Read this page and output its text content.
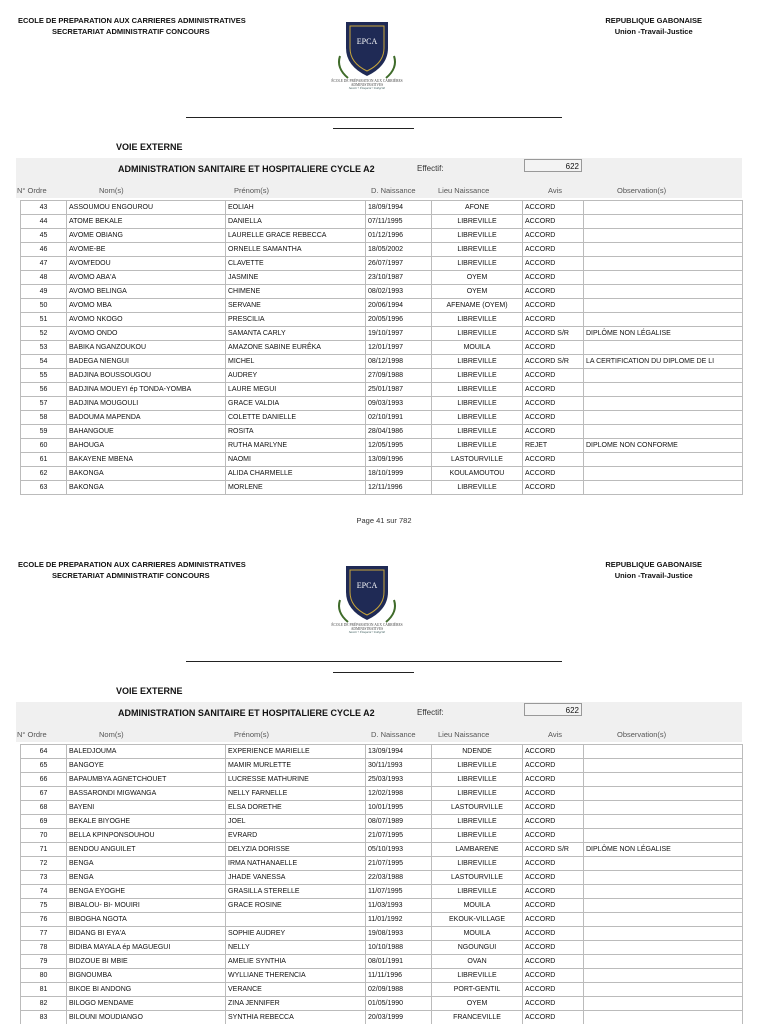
ECOLE DE PREPARATION AUX CARRIERES ADMINISTRATIVES
SECRETARIAT ADMINISTRATIF CONCOURS
EPCA
ÉCOLE DE PRÉPARATION AUX CARRIÈRES ADMINISTRATIVES
Savoir • Éloquent • Intégrité
REPUBLIQUE GABONAISE
Union -Travail-Justice
VOIE EXTERNE
ADMINISTRATION SANITAIRE ET HOSPITALIERE CYCLE A2	Effectif:	622
N° Ordre	Nom(s)	Prénom(s)	D. Naissance	Lieu Naissance	Avis	Observation(s)
43	ASSOUMOU ENGOUROU	EOLIAH	18/09/1994	AFONE	ACCORD	
44	ATOME BEKALE	DANIELLA	07/11/1995	LIBREVILLE	ACCORD	
45	AVOME OBIANG	LAURELLE GRACE REBECCA	01/12/1996	LIBREVILLE	ACCORD	
46	AVOME-BE	ORNELLE SAMANTHA	18/05/2002	LIBREVILLE	ACCORD	
47	AVOM'EDOU	CLAVETTE	26/07/1997	LIBREVILLE	ACCORD	
48	AVOMO ABA'A	JASMINE	23/10/1987	OYEM	ACCORD	
49	AVOMO BELINGA	CHIMENE	08/02/1993	OYEM	ACCORD	
50	AVOMO MBA	SERVANE	20/06/1994	AFENAME (OYEM)	ACCORD	
51	AVOMO NKOGO	PRESCILIA	20/05/1996	LIBREVILLE	ACCORD	
52	AVOMO ONDO	SAMANTA CARLY	19/10/1997	LIBREVILLE	ACCORD S/R	DIPLÔME NON LÉGALISE
53	BABIKA NGANZOUKOU	AMAZONE SABINE EURÊKA	12/01/1997	MOUILA	ACCORD	
54	BADEGA NIENGUI	MICHEL	08/12/1998	LIBREVILLE	ACCORD S/R	LA CERTIFICATION DU DIPLOME DE LI
55	BADJINA BOUSSOUGOU	AUDREY	27/09/1988	LIBREVILLE	ACCORD	
56	BADJINA MOUEYI ép TONDA-YOMBA	LAURE MEGUI	25/01/1987	LIBREVILLE	ACCORD	
57	BADJINA MOUGOULI	GRACE VALDIA	09/03/1993	LIBREVILLE	ACCORD	
58	BADOUMA MAPENDA	COLETTE DANIELLE	02/10/1991	LIBREVILLE	ACCORD	
59	BAHANGOUE	ROSITA	28/04/1986	LIBREVILLE	ACCORD	
60	BAHOUGA	RUTHA MARLYNE	12/05/1995	LIBREVILLE	REJET	DIPLOME NON CONFORME
61	BAKAYENE MBENA	NAOMI	13/09/1996	LASTOURVILLE	ACCORD	
62	BAKONGA	ALIDA CHARMELLE	18/10/1999	KOULAMOUTOU	ACCORD	
63	BAKONGA	MORLENE	12/11/1996	LIBREVILLE	ACCORD	
Page 41 sur 782
ECOLE DE PREPARATION AUX CARRIERES ADMINISTRATIVES
SECRETARIAT ADMINISTRATIF CONCOURS
EPCA
ÉCOLE DE PRÉPARATION AUX CARRIÈRES ADMINISTRATIVES
Savoir • Éloquent • Intégrité
REPUBLIQUE GABONAISE
Union -Travail-Justice
VOIE EXTERNE
ADMINISTRATION SANITAIRE ET HOSPITALIERE CYCLE A2	Effectif:	622
N° Ordre	Nom(s)	Prénom(s)	D. Naissance	Lieu Naissance	Avis	Observation(s)
64	BALEDJOUMA	EXPERIENCE MARIELLE	13/09/1994	NDENDE	ACCORD	
65	BANGOYE	MAMIR MURLETTE	30/11/1993	LIBREVILLE	ACCORD	
66	BAPAUMBYA AGNETCHOUET	LUCRESSE MATHURINE	25/03/1993	LIBREVILLE	ACCORD	
67	BASSARONDI MIGWANGA	NELLY FARNELLE	12/02/1998	LIBREVILLE	ACCORD	
68	BAYENI	ELSA DORETHE	10/01/1995	LASTOURVILLE	ACCORD	
69	BEKALE BIYOGHE	JOEL	08/07/1989	LIBREVILLE	ACCORD	
70	BELLA KPINPONSOUHOU	EVRARD	21/07/1995	LIBREVILLE	ACCORD	
71	BENDOU ANGUILET	DELYZIA DORISSE	05/10/1993	LAMBARENE	ACCORD S/R	DIPLÔME NON LÉGALISE
72	BENGA	IRMA NATHANAELLE	21/07/1995	LIBREVILLE	ACCORD	
73	BENGA	JHADE VANESSA	22/03/1988	LASTOURVILLE	ACCORD	
74	BENGA EYOGHE	GRASILLA STERELLE	11/07/1995	LIBREVILLE	ACCORD	
75	BIBALOU- BI- MOUIRI	GRACE ROSINE	11/03/1993	MOUILA	ACCORD	
76	BIBOGHA NGOTA		11/01/1992	EKOUK-VILLAGE	ACCORD	
77	BIDANG BI EYA'A	SOPHIE AUDREY	19/08/1993	MOUILA	ACCORD	
78	BIDIBA MAYALA ép MAGUEGUI	NELLY	10/10/1988	NGOUNGUI	ACCORD	
79	BIDZOUE BI MBIE	AMELIE SYNTHIA	08/01/1991	OVAN	ACCORD	
80	BIGNOUMBA	WYLLIANE THERENCIA	11/11/1996	LIBREVILLE	ACCORD	
81	BIKOE BI ANDONG	VERANCE	02/09/1988	PORT-GENTIL	ACCORD	
82	BILOGO MENDAME	ZINA JENNIFER	01/05/1990	OYEM	ACCORD	
83	BILOUNI MOUDIANGO	SYNTHIA REBECCA	20/03/1999	FRANCEVILLE	ACCORD	
